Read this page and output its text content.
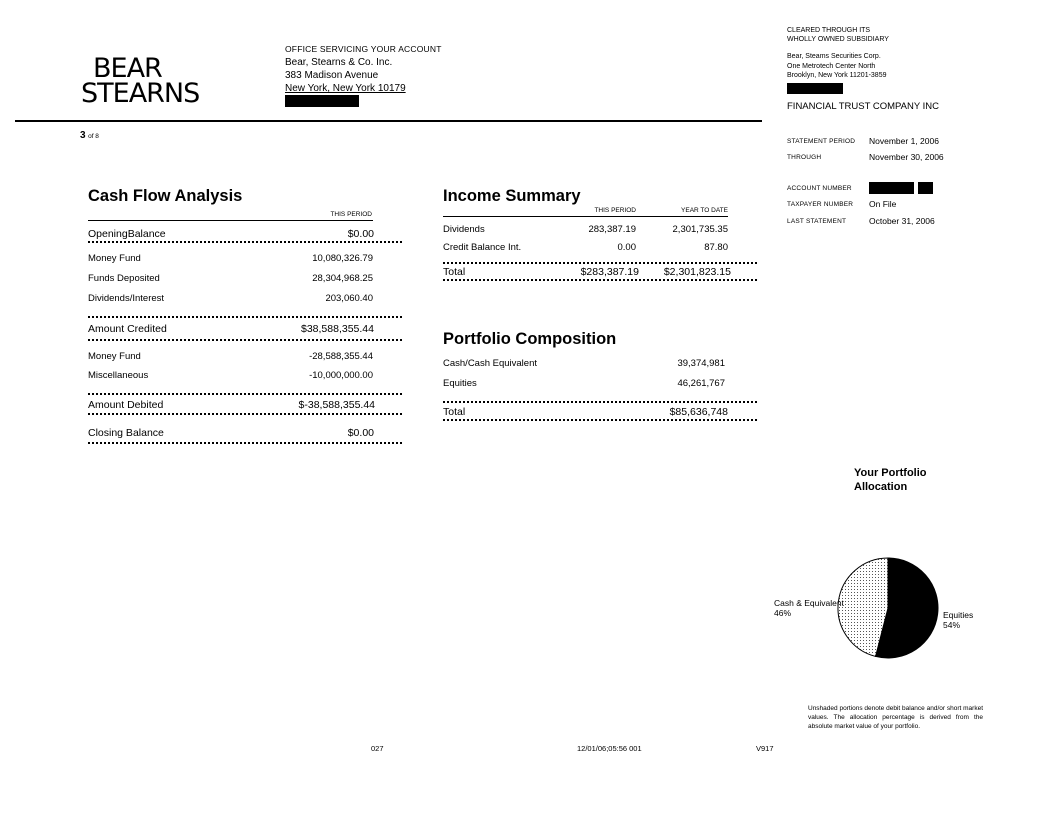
BEAR
STEARNS
OFFICE SERVICING YOUR ACCOUNT
Bear, Stearns & Co. Inc.
383 Madison Avenue
New York, New York 10179
3 of 8
CLEARED THROUGH ITS
WHOLLY OWNED SUBSIDIARY
Bear, Steams Securities Corp.
One Metrotech Center North
Brooklyn, New York 11201-3859
FINANCIAL TRUST COMPANY INC
STATEMENT PERIOD November 1, 2006
THROUGH	November 30, 2006
ACCOUNT NUMBER

TAXPAYER NUMBER On File
LAST STATEMENT	October 31, 2006
Cash Flow Analysis
THIS PERIOD
OpeningBalance	$0.00
Money Fund	10,080,326.79
Funds Deposited	28,304,968.25
Dividends/Interest	203,060.40
Amount Credited	$38,588,355.44
Money Fund	-28,588,355.44
Miscellaneous	-10,000,000.00
Amount Debited	$-38,588,355.44
Closing Balance	$0.00
Income Summary
THIS PERIOD	YEAR TO DATE
Dividends	283,387.19	2,301,735.35
Credit Balance Int.	0.00	87.80
Total	$283,387.19 $2,301,823.15
Portfolio Composition
Cash/Cash Equivalent	39,374,981
Equities	46,261,767
Total	$85,636,748
Your Portfolio
Allocation
Cash & Equivalent
46%	Equities
54%
Unshaded portions denote debit balance and/or short market values. The allocation percentage is derived from the absolute market value of your portfolio.
027	12/01/06;05:56 001	V917
